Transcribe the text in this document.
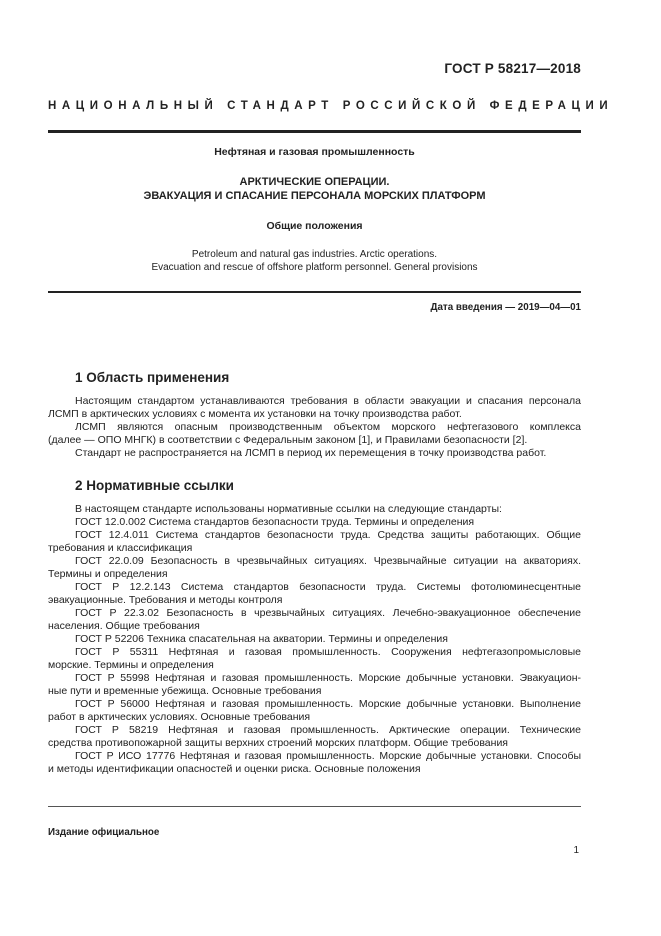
ГОСТ Р 58217—2018
НАЦИОНАЛЬНЫЙ СТАНДАРТ РОССИЙСКОЙ ФЕДЕРАЦИИ
Нефтяная и газовая промышленность
АРКТИЧЕСКИЕ ОПЕРАЦИИ.
ЭВАКУАЦИЯ И СПАСАНИЕ ПЕРСОНАЛА МОРСКИХ ПЛАТФОРМ
Общие положения
Petroleum and natural gas industries. Arctic operations.
Evacuation and rescue of offshore platform personnel. General provisions
Дата введения — 2019—04—01
1 Область применения
Настоящим стандартом устанавливаются требования в области эвакуации и спасания персонала
ЛСМП в арктических условиях с момента их установки на точку производства работ.
ЛСМП являются опасным производственным объектом морского нефтегазового комплекса
(далее — ОПО МНГК) в соответствии с Федеральным законом [1], и Правилами безопасности [2].
Стандарт не распространяется на ЛСМП в период их перемещения в точку производства работ.
2 Нормативные ссылки
В настоящем стандарте использованы нормативные ссылки на следующие стандарты:
ГОСТ 12.0.002 Система стандартов безопасности труда. Термины и определения
ГОСТ 12.4.011 Система стандартов безопасности труда. Средства защиты работающих. Общие
требования и классификация
ГОСТ 22.0.09 Безопасность в чрезвычайных ситуациях. Чрезвычайные ситуации на акваториях.
Термины и определения
ГОСТ Р 12.2.143 Система стандартов безопасности труда. Системы фотолюминесцентные
эвакуационные. Требования и методы контроля
ГОСТ Р 22.3.02 Безопасность в чрезвычайных ситуациях. Лечебно-эвакуационное обеспечение
населения. Общие требования
ГОСТ Р 52206 Техника спасательная на акватории. Термины и определения
ГОСТ Р 55311 Нефтяная и газовая промышленность. Сооружения нефтегазопромысловые
морские. Термины и определения
ГОСТ Р 55998 Нефтяная и газовая промышленность. Морские добычные установки. Эвакуацион-
ные пути и временные убежища. Основные требования
ГОСТ Р 56000 Нефтяная и газовая промышленность. Морские добычные установки. Выполнение
работ в арктических условиях. Основные требования
ГОСТ Р 58219 Нефтяная и газовая промышленность. Арктические операции. Технические
средства противопожарной защиты верхних строений морских платформ. Общие требования
ГОСТ Р ИСО 17776 Нефтяная и газовая промышленность. Морские добычные установки. Способы
и методы идентификации опасностей и оценки риска. Основные положения
Издание официальное
1
